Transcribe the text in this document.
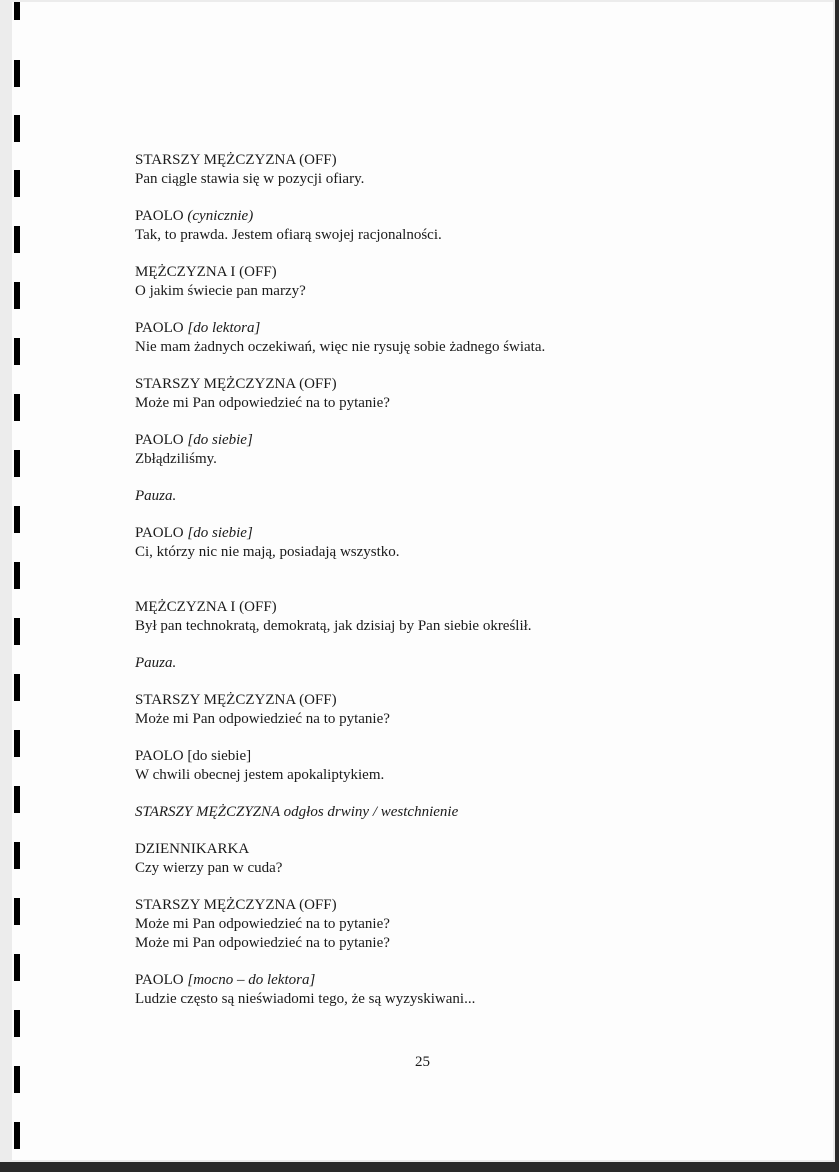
STARSZY MĘŻCZYZNA (OFF)
Pan ciągle stawia się w pozycji ofiary.
PAOLO (cynicznie)
Tak, to prawda. Jestem ofiarą swojej racjonalności.
MĘŻCZYZNA I (OFF)
O jakim świecie pan marzy?
PAOLO [do lektora]
Nie mam żadnych oczekiwań, więc nie rysuję sobie żadnego świata.
STARSZY MĘŻCZYZNA (OFF)
Może mi Pan odpowiedzieć na to pytanie?
PAOLO [do siebie]
Zbłądziliśmy.
Pauza.
PAOLO [do siebie]
Ci, którzy nic nie mają, posiadają wszystko.
MĘŻCZYZNA I (OFF)
Był pan technokratą, demokratą, jak dzisiaj by Pan siebie określił.
Pauza.
STARSZY MĘŻCZYZNA (OFF)
Może mi Pan odpowiedzieć na to pytanie?
PAOLO [do siebie]
W chwili obecnej jestem apokaliptykiem.
STARSZY MĘŻCZYZNA odgłos drwiny / westchnienie
DZIENNIKARKA
Czy wierzy pan w cuda?
STARSZY MĘŻCZYZNA (OFF)
Może mi Pan odpowiedzieć na to pytanie?
Może mi Pan odpowiedzieć na to pytanie?
PAOLO [mocno – do lektora]
Ludzie często są nieświadomi tego, że są wyzyskiwani...
25
